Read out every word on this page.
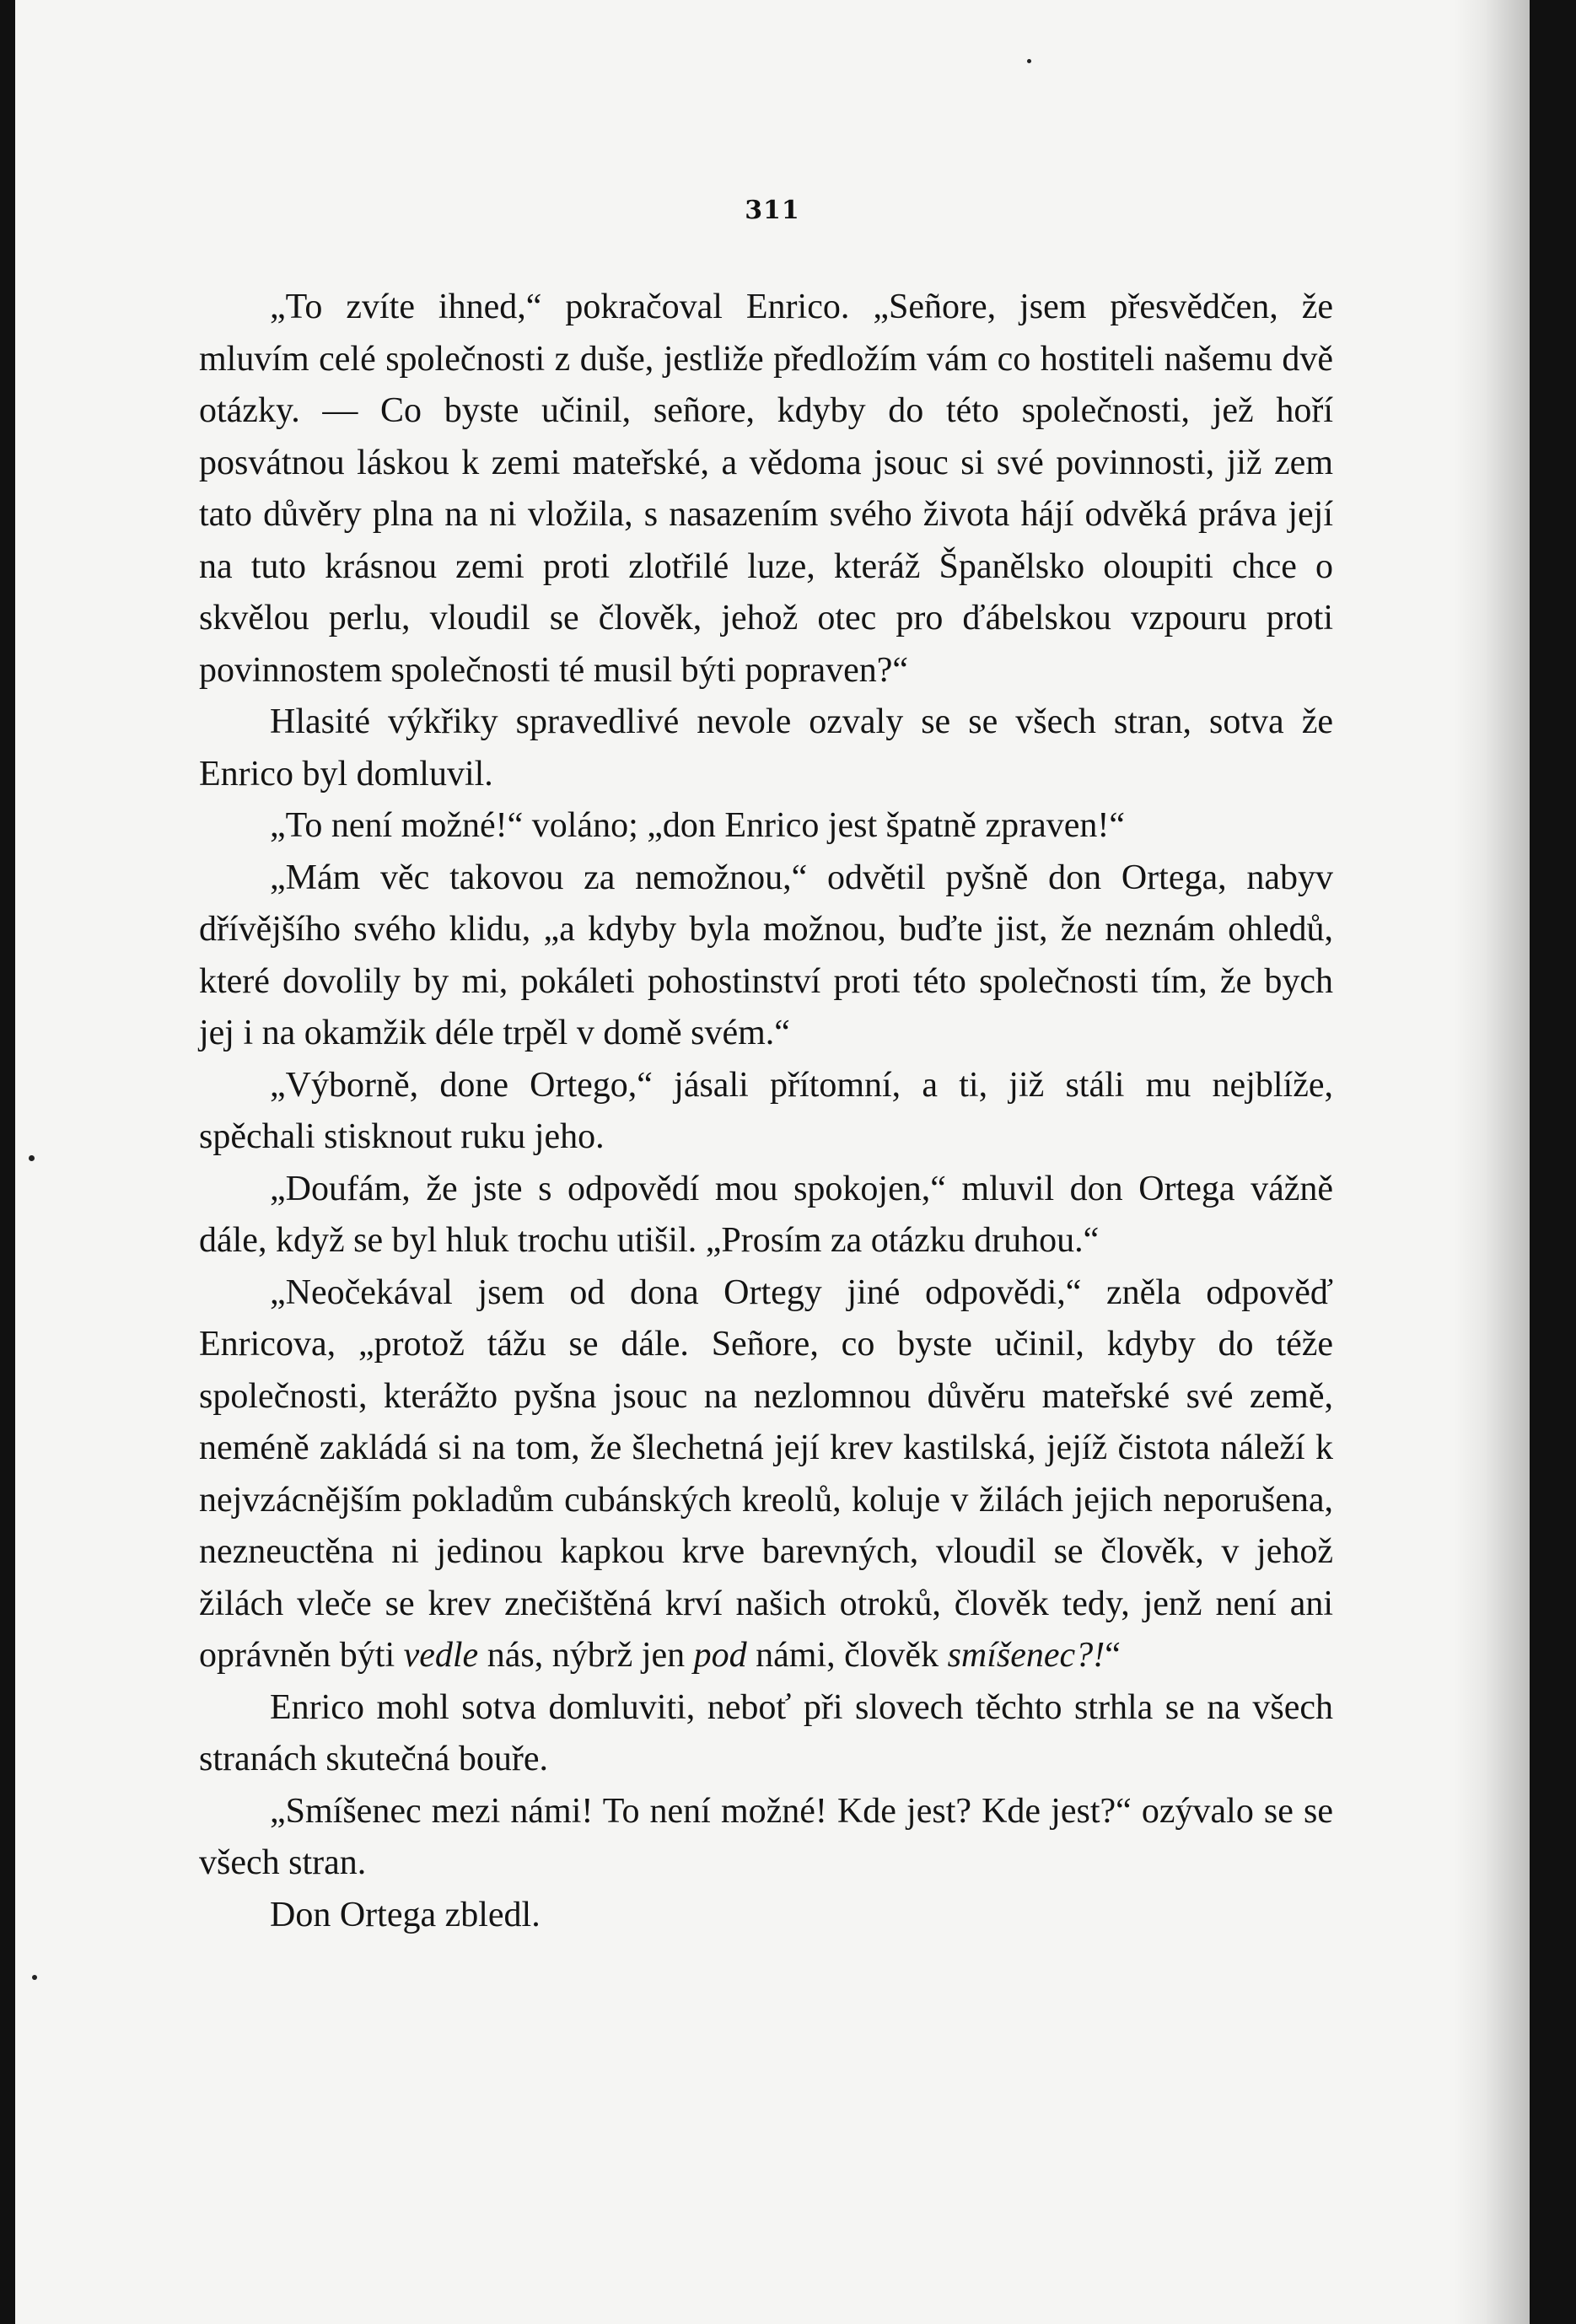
311

„To zvíte ihned,“ pokračoval Enrico. „Señore, jsem přesvědčen, že mluvím celé společnosti z duše, jestliže předložím vám co hostiteli našemu dvě otázky. — Co byste učinil, señore, kdyby do této společnosti, jež hoří posvátnou láskou k zemi mateřské, a vědoma jsouc si své povinnosti, již zem tato důvěry plna na ni vložila, s nasazením svého života hájí odvěká práva její na tuto krásnou zemi proti zlotřilé luze, kteráž Španělsko oloupiti chce o skvělou perlu, vloudil se člověk, jehož otec pro ďábelskou vzpouru proti povinnostem společnosti té musil býti popraven?“

Hlasité výkřiky spravedlivé nevole ozvaly se se všech stran, sotva že Enrico byl domluvil.

„To není možné!“ voláno; „don Enrico jest špatně zpraven!“

„Mám věc takovou za nemožnou,“ odvětil pyšně don Ortega, nabyv dřívějšího svého klidu, „a kdyby byla možnou, buďte jist, že neznám ohledů, které dovolily by mi, pokáleti pohostinství proti této společnosti tím, že bych jej i na okamžik déle trpěl v domě svém.“

„Výborně, done Ortego,“ jásali přítomní, a ti, již stáli mu nejblíže, spěchali stisknout ruku jeho.

„Doufám, že jste s odpovědí mou spokojen,“ mluvil don Ortega vážně dále, když se byl hluk trochu utišil. „Prosím za otázku druhou.“

„Neočekával jsem od dona Ortegy jiné odpovědi,“ zněla odpověď Enricova, „protož tážu se dále. Señore, co byste učinil, kdyby do téže společnosti, kterážto pyšna jsouc na nezlomnou důvěru mateřské své země, neméně zakládá si na tom, že šlechetná její krev kastilská, jejíž čistota náleží k nejvzácnějším pokladům cubánských kreolů, koluje v žilách jejich neporušena, nezneuctěna ni jedinou kapkou krve barevných, vloudil se člověk, v jehož žilách vleče se krev znečištěná krví našich otroků, člověk tedy, jenž není ani oprávněn býti vedle nás, nýbrž jen pod námi, člověk smíšenec?!“

Enrico mohl sotva domluviti, neboť při slovech těchto strhla se na všech stranách skutečná bouře.

„Smíšenec mezi námi! To není možné! Kde jest? Kde jest?“ ozývalo se se všech stran.

Don Ortega zbledl.
